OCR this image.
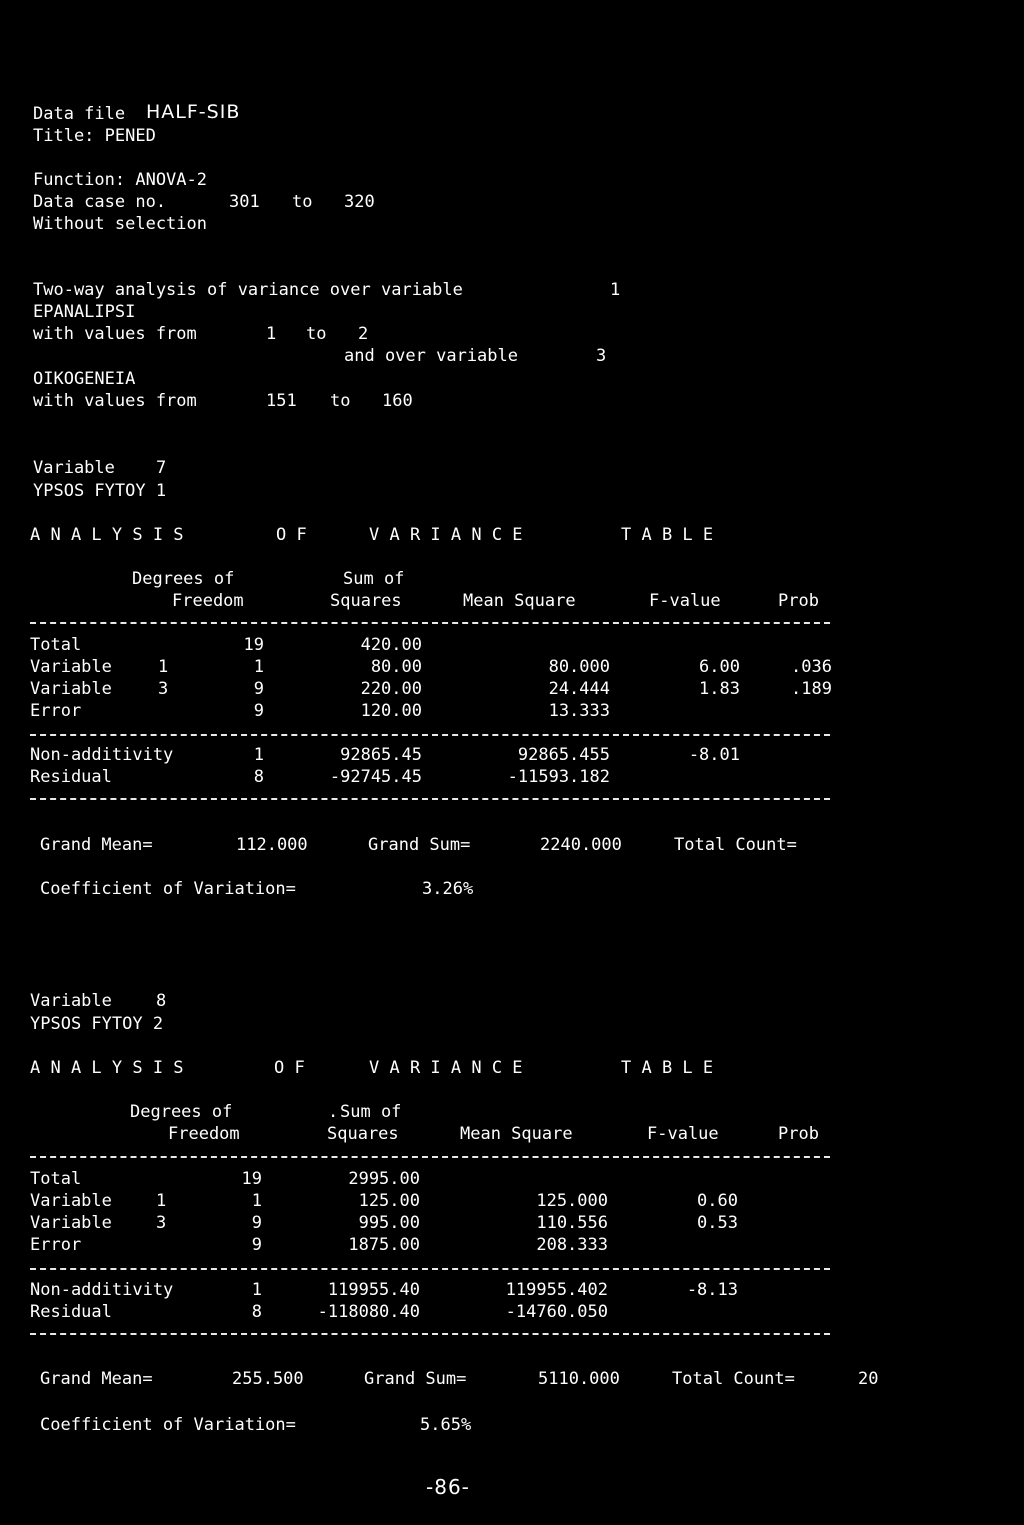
Data file HALF-SIB
Title: PENED
Function: ANOVA-2
Data case no.	301 to 320
Without selection
Two-way analysis of variance over variable	1
EPANALIPSI
with values from	1 to 2
and over variable	3
OIKOGENEIA
with values from	151 to 160
Variable 7
YPSOS FYTOY 1
A N A L Y S I S	O F	V A R I A N C E	T A B L E
Degrees of	Sum of
Freedom	Squares	Mean Square	F-value	Prob
Total	19	420.00
Variable	1	1	80.00	80.000	6.00	.036
Variable	3	9	220.00	24.444	1.83	.189
Error	9	120.00	13.333
Non-additivity	1	92865.45	92865.455	-8.01
Residual	8	-92745.45	-11593.182
Grand Mean=	112.000	Grand Sum=	2240.000	Total Count=
Coefficient of Variation=	3.26%
Variable	8
YPSOS FYTOY 2
A N A L Y S I S	O F	V A R I A N C E	T A B L E
Degrees of	. Sum of
Freedom	Squares	Mean Square	F-value	Prob
Total	19	2995.00
Variable	1	1	125.00	125.000	0.60
Variable	3	9	995.00	110.556	0.53
Error	9	1875.00	208.333
Non-additivity	1	119955.40	119955.402	-8.13
Residual	8	-118080.40	-14760.050
Grand Mean=	255.500	Grand Sum=	5110.000	Total Count=	20
Coefficient of Variation=	5.65%
-86-
